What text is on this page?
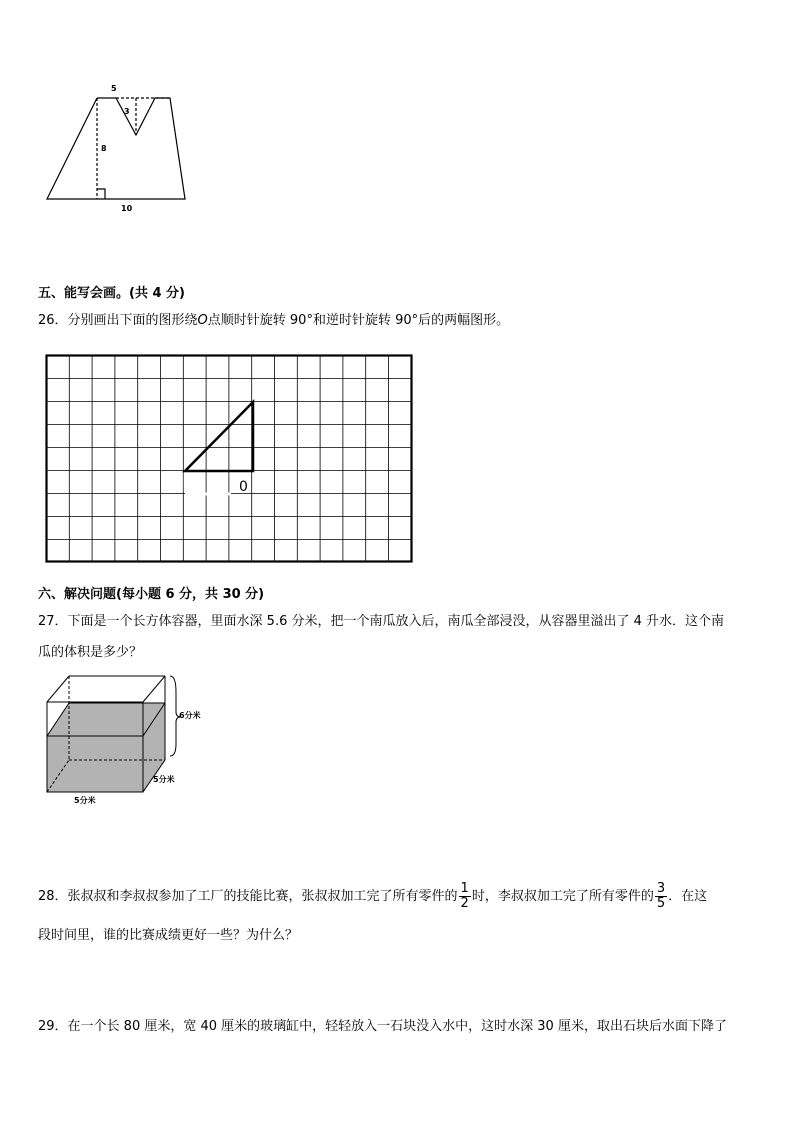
5
3
8
10
五、能写会画。(共 4 分)
26．分别画出下面的图形绕O点顺时针旋转 90°和逆时针旋转 90°后的两幅图形。
0
六、解决问题(每小题 6 分，共 30 分)
27．下面是一个长方体容器，里面水深 5.6 分米，把一个南瓜放入后，南瓜全部浸没，从容器里溢出了 4 升水．这个南
瓜的体积是多少？
6分米
5分米
5分米
28．张叔叔和李叔叔参加了工厂的技能比赛，张叔叔加工完了所有零件的 $\frac{1}{2}$ 时，李叔叔加工完了所有零件的 $\frac{3}{5}$ ．在这
段时间里，谁的比赛成绩更好一些？为什么？
29．在一个长 80 厘米，宽 40 厘米的玻璃缸中，轻轻放入一石块没入水中，这时水深 30 厘米，取出石块后水面下降了
